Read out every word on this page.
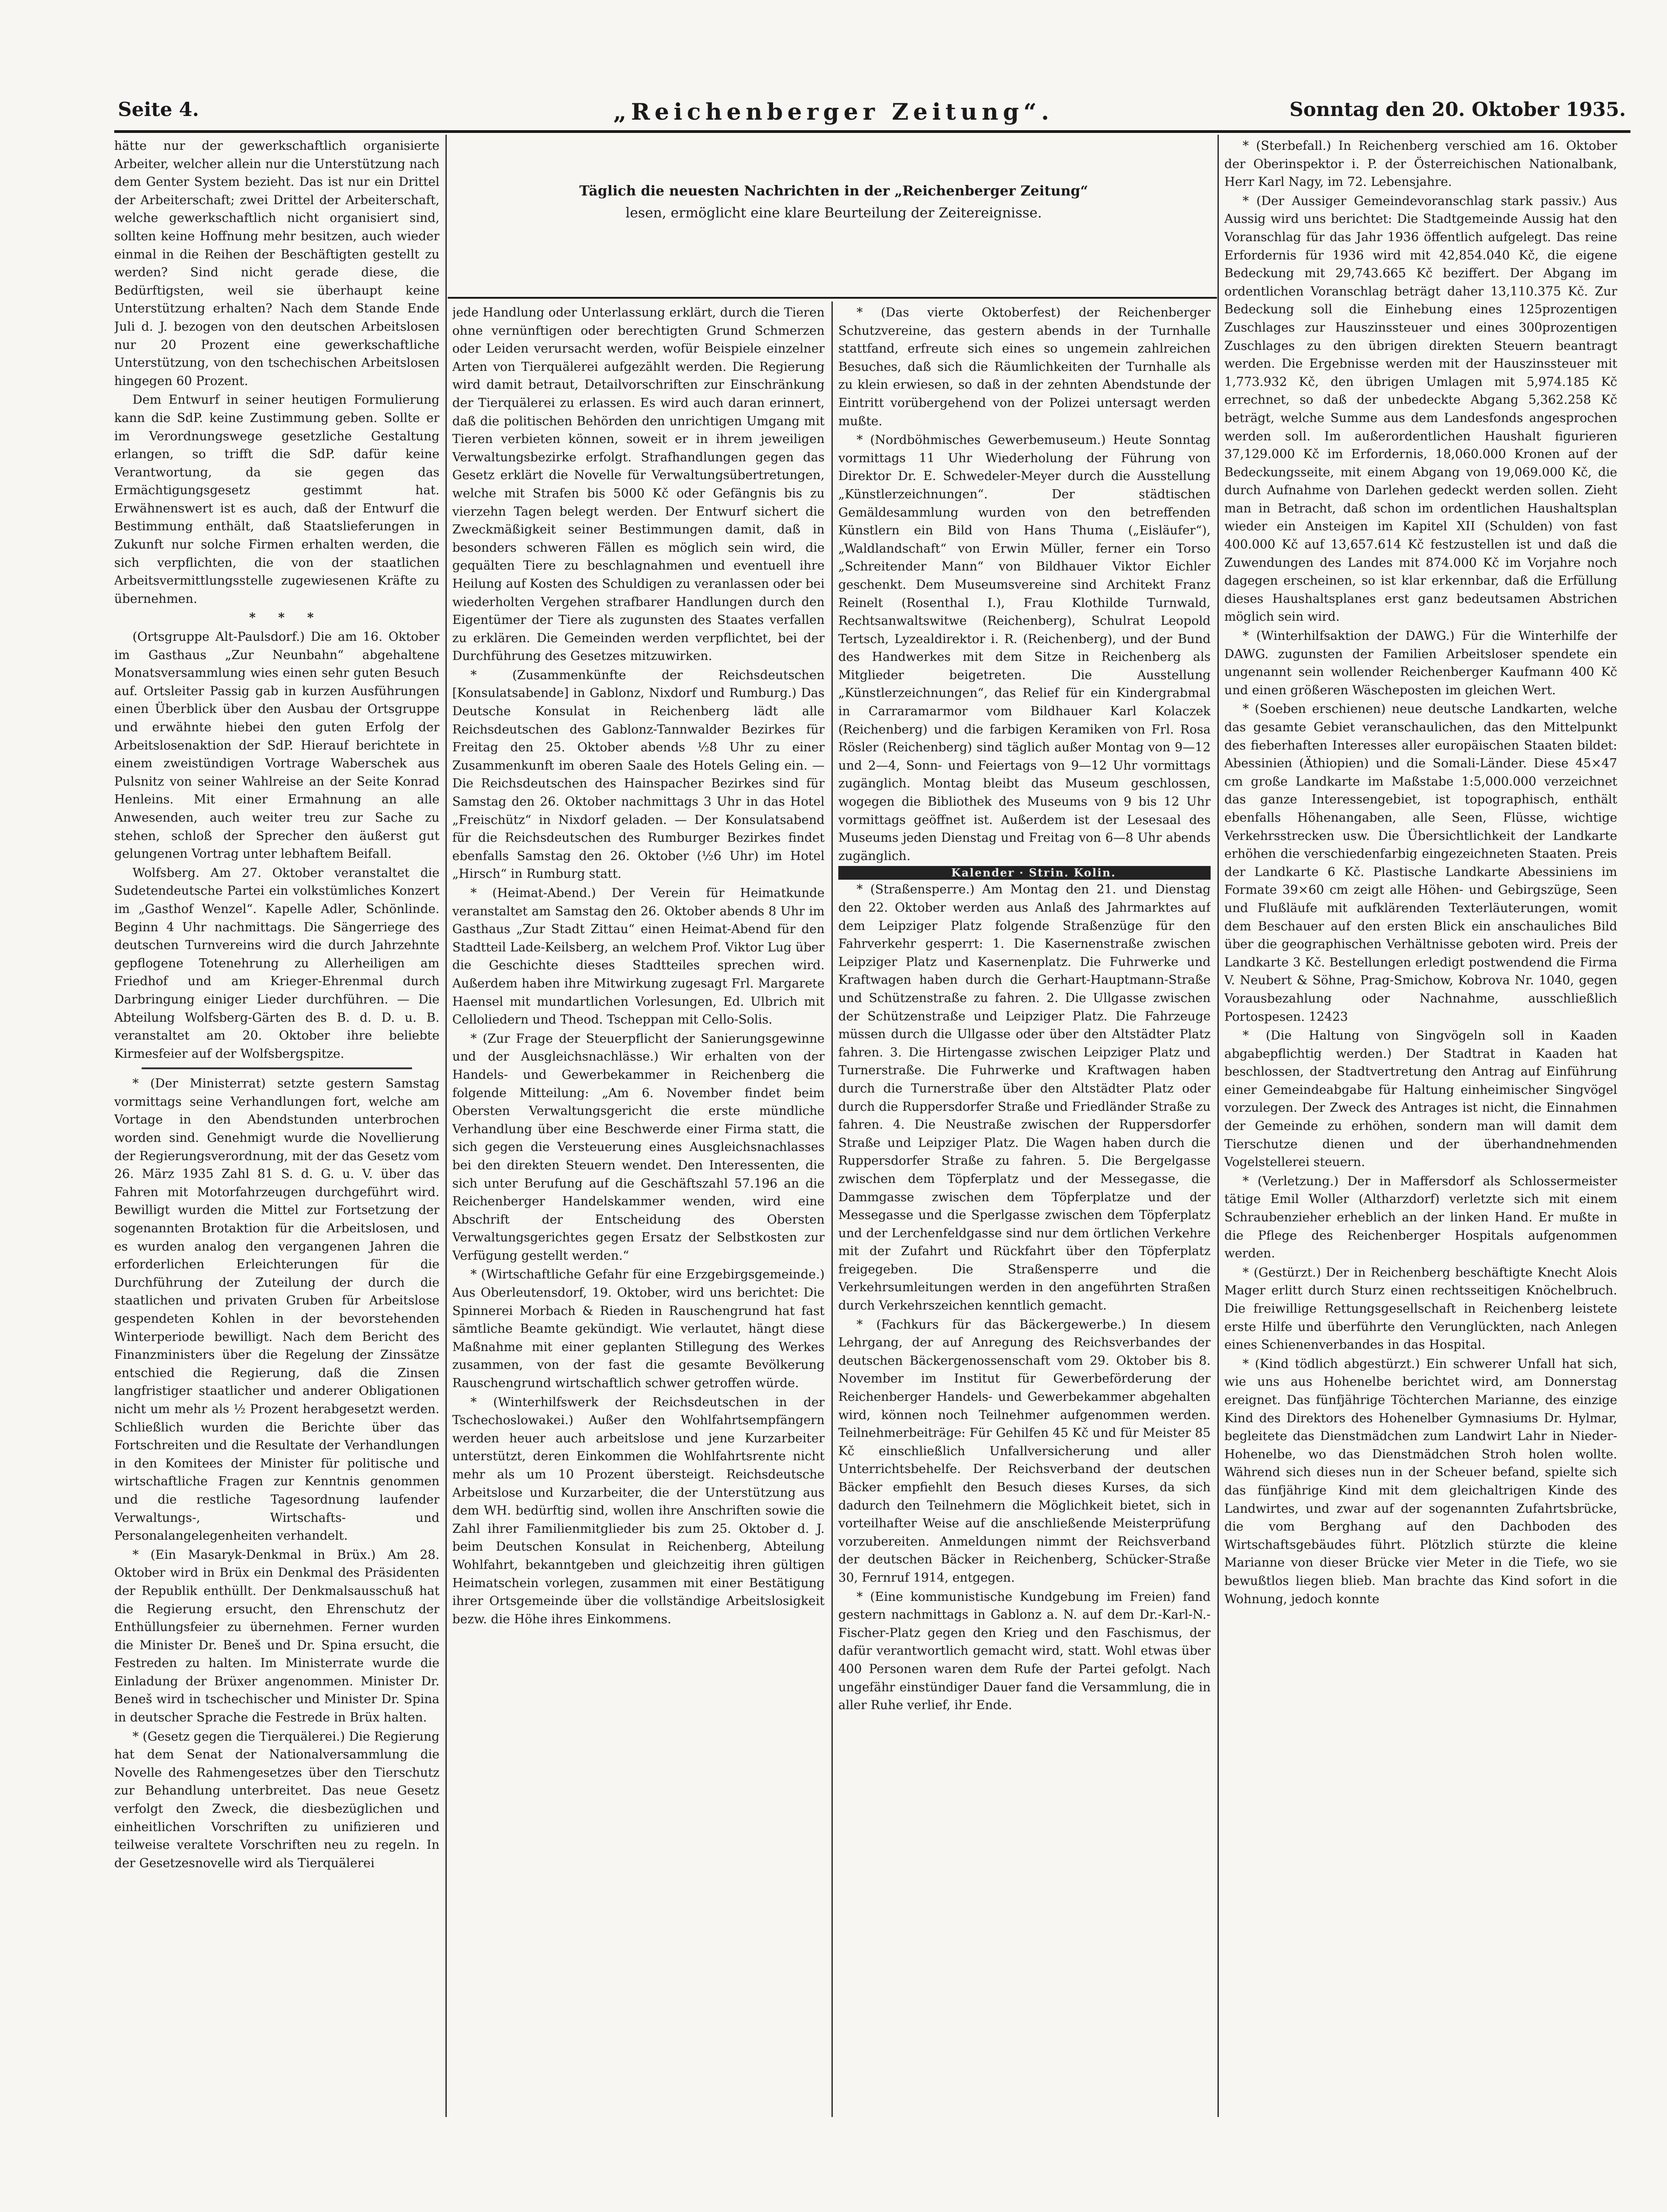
Seite 4.	„Reichenberger Zeitung“.	Sonntag den 20. Oktober 1935.
Täglich die neuesten Nachrichten in der „Reichenberger Zeitung“
lesen, ermöglicht eine klare Beurteilung der Zeitereignisse.

hätte nur der gewerkschaftlich organisierte Arbeiter, welcher allein nur die Unterstützung nach dem Genter System bezieht. Das ist nur ein Drittel der Arbeiterschaft; zwei Drittel der Arbeiterschaft, welche gewerkschaftlich nicht organisiert sind, sollten keine Hoffnung mehr besitzen, auch wieder einmal in die Reihen der Beschäftigten gestellt zu werden? Sind nicht gerade diese, die Bedürftigsten, weil sie überhaupt keine Unterstützung erhalten? Nach dem Stande Ende Juli d. J. bezogen von den deutschen Arbeitslosen nur 20 Prozent eine gewerkschaftliche Unterstützung, von den tschechischen Arbeitslosen hingegen 60 Prozent.

Dem Entwurf in seiner heutigen Formulierung kann die SdP. keine Zustimmung geben. Sollte er im Verordnungswege gesetzliche Gestaltung erlangen, so trifft die SdP. dafür keine Verantwortung, da sie gegen das Ermächtigungsgesetz gestimmt hat. Erwähnenswert ist es auch, daß der Entwurf die Bestimmung enthält, daß Staatslieferungen in Zukunft nur solche Firmen erhalten werden, die sich verpflichten, die von der staatlichen Arbeitsvermittlungsstelle zugewiesenen Kräfte zu übernehmen.

* * *

(Ortsgruppe Alt-Paulsdorf.) Die am 16. Oktober im Gasthaus „Zur Neunbahn“ abgehaltene Monatsversammlung wies einen sehr guten Besuch auf. Ortsleiter Passig gab in kurzen Ausführungen einen Überblick über den Ausbau der Ortsgruppe und erwähnte hiebei den guten Erfolg der Arbeitslosenaktion der SdP. Hierauf berichtete in einem zweistündigen Vortrage Waberschek aus Pulsnitz von seiner Wahlreise an der Seite Konrad Henleins. Mit einer Ermahnung an alle Anwesenden, auch weiter treu zur Sache zu stehen, schloß der Sprecher den äußerst gut gelungenen Vortrag unter lebhaftem Beifall.

Wolfsberg. Am 27. Oktober veranstaltet die Sudetendeutsche Partei ein volkstümliches Konzert im „Gasthof Wenzel“. Kapelle Adler, Schönlinde. Beginn 4 Uhr nachmittags. Die Sängerriege des deutschen Turnvereins wird die durch Jahrzehnte gepflogene Totenehrung zu Allerheiligen am Friedhof und am Krieger-Ehrenmal durch Darbringung einiger Lieder durchführen. — Die Abteilung Wolfsberg-Gärten des B. d. D. u. B. veranstaltet am 20. Oktober ihre beliebte Kirmesfeier auf der Wolfsbergspitze.

* (Der Ministerrat) setzte gestern Samstag vormittags seine Verhandlungen fort, welche am Vortage in den Abendstunden unterbrochen worden sind. Genehmigt wurde die Novellierung der Regierungsverordnung, mit der das Gesetz vom 26. März 1935 Zahl 81 S. d. G. u. V. über das Fahren mit Motorfahrzeugen durchgeführt wird. Bewilligt wurden die Mittel zur Fortsetzung der sogenannten Brotaktion für die Arbeitslosen, und es wurden analog den vergangenen Jahren die erforderlichen Erleichterungen für die Durchführung der Zuteilung der durch die staatlichen und privaten Gruben für Arbeitslose gespendeten Kohlen in der bevorstehenden Winterperiode bewilligt. Nach dem Bericht des Finanzministers über die Regelung der Zinssätze entschied die Regierung, daß die Zinsen langfristiger staatlicher und anderer Obligationen nicht um mehr als ½ Prozent herabgesetzt werden. Schließlich wurden die Berichte über das Fortschreiten und die Resultate der Verhandlungen in den Komitees der Minister für politische und wirtschaftliche Fragen zur Kenntnis genommen und die restliche Tagesordnung laufender Verwaltungs-, Wirtschafts- und Personalangelegenheiten verhandelt.

* (Ein Masaryk-Denkmal in Brüx.) Am 28. Oktober wird in Brüx ein Denkmal des Präsidenten der Republik enthüllt. Der Denkmalsausschuß hat die Regierung ersucht, den Ehrenschutz der Enthüllungsfeier zu übernehmen. Ferner wurden die Minister Dr. Beneš und Dr. Spina ersucht, die Festreden zu halten. Im Ministerrate wurde die Einladung der Brüxer angenommen. Minister Dr. Beneš wird in tschechischer und Minister Dr. Spina in deutscher Sprache die Festrede in Brüx halten.

* (Gesetz gegen die Tierquälerei.) Die Regierung hat dem Senat der Nationalversammlung die Novelle des Rahmengesetzes über den Tierschutz zur Behandlung unterbreitet. Das neue Gesetz verfolgt den Zweck, die diesbezüglichen und einheitlichen Vorschriften zu unifizieren und teilweise veraltete Vorschriften neu zu regeln. In der Gesetzesnovelle wird als Tierquälerei

jede Handlung oder Unterlassung erklärt, durch die Tieren ohne vernünftigen oder berechtigten Grund Schmerzen oder Leiden verursacht werden, wofür Beispiele einzelner Arten von Tierquälerei aufgezählt werden. Die Regierung wird damit betraut, Detailvorschriften zur Einschränkung der Tierquälerei zu erlassen. Es wird auch daran erinnert, daß die politischen Behörden den unrichtigen Umgang mit Tieren verbieten können, soweit er in ihrem jeweiligen Verwaltungsbezirke erfolgt. Strafhandlungen gegen das Gesetz erklärt die Novelle für Verwaltungsübertretungen, welche mit Strafen bis 5000 Kč oder Gefängnis bis zu vierzehn Tagen belegt werden. Der Entwurf sichert die Zweckmäßigkeit seiner Bestimmungen damit, daß in besonders schweren Fällen es möglich sein wird, die gequälten Tiere zu beschlagnahmen und eventuell ihre Heilung auf Kosten des Schuldigen zu veranlassen oder bei wiederholten Vergehen strafbarer Handlungen durch den Eigentümer der Tiere als zugunsten des Staates verfallen zu erklären. Die Gemeinden werden verpflichtet, bei der Durchführung des Gesetzes mitzuwirken.

* (Zusammenkünfte der Reichsdeutschen [Konsulatsabende] in Gablonz, Nixdorf und Rumburg.) Das Deutsche Konsulat in Reichenberg lädt alle Reichsdeutschen des Gablonz-Tannwalder Bezirkes für Freitag den 25. Oktober abends ½8 Uhr zu einer Zusammenkunft im oberen Saale des Hotels Geling ein. — Die Reichsdeutschen des Hainspacher Bezirkes sind für Samstag den 26. Oktober nachmittags 3 Uhr in das Hotel „Freischütz“ in Nixdorf geladen. — Der Konsulatsabend für die Reichsdeutschen des Rumburger Bezirkes findet ebenfalls Samstag den 26. Oktober (½6 Uhr) im Hotel „Hirsch“ in Rumburg statt.

* (Heimat-Abend.) Der Verein für Heimatkunde veranstaltet am Samstag den 26. Oktober abends 8 Uhr im Gasthaus „Zur Stadt Zittau“ einen Heimat-Abend für den Stadtteil Lade-Keilsberg, an welchem Prof. Viktor Lug über die Geschichte dieses Stadtteiles sprechen wird. Außerdem haben ihre Mitwirkung zugesagt Frl. Margarete Haensel mit mundartlichen Vorlesungen, Ed. Ulbrich mit Celloliedern und Theod. Tscheppan mit Cello-Solis.

* (Zur Frage der Steuerpflicht der Sanierungsgewinne und der Ausgleichsnachlässe.) Wir erhalten von der Handels- und Gewerbekammer in Reichenberg die folgende Mitteilung: „Am 6. November findet beim Obersten Verwaltungsgericht die erste mündliche Verhandlung über eine Beschwerde einer Firma statt, die sich gegen die Versteuerung eines Ausgleichsnachlasses bei den direkten Steuern wendet. Den Interessenten, die sich unter Berufung auf die Geschäftszahl 57.196 an die Reichenberger Handelskammer wenden, wird eine Abschrift der Entscheidung des Obersten Verwaltungsgerichtes gegen Ersatz der Selbstkosten zur Verfügung gestellt werden.“

* (Wirtschaftliche Gefahr für eine Erzgebirgsgemeinde.) Aus Oberleutensdorf, 19. Oktober, wird uns berichtet: Die Spinnerei Morbach & Rieden in Rauschengrund hat fast sämtliche Beamte gekündigt. Wie verlautet, hängt diese Maßnahme mit einer geplanten Stillegung des Werkes zusammen, von der fast die gesamte Bevölkerung Rauschengrund wirtschaftlich schwer getroffen würde.

* (Winterhilfswerk der Reichsdeutschen in der Tschechoslowakei.) Außer den Wohlfahrtsempfängern werden heuer auch arbeitslose und jene Kurzarbeiter unterstützt, deren Einkommen die Wohlfahrtsrente nicht mehr als um 10 Prozent übersteigt. Reichsdeutsche Arbeitslose und Kurzarbeiter, die der Unterstützung aus dem WH. bedürftig sind, wollen ihre Anschriften sowie die Zahl ihrer Familienmitglieder bis zum 25. Oktober d. J. beim Deutschen Konsulat in Reichenberg, Abteilung Wohlfahrt, bekanntgeben und gleichzeitig ihren gültigen Heimatschein vorlegen, zusammen mit einer Bestätigung ihrer Ortsgemeinde über die vollständige Arbeitslosigkeit bezw. die Höhe ihres Einkommens.

* (Das vierte Oktoberfest) der Reichenberger Schutzvereine, das gestern abends in der Turnhalle stattfand, erfreute sich eines so ungemein zahlreichen Besuches, daß sich die Räumlichkeiten der Turnhalle als zu klein erwiesen, so daß in der zehnten Abendstunde der Eintritt vorübergehend von der Polizei untersagt werden mußte.

* (Nordböhmisches Gewerbemuseum.) Heute Sonntag vormittags 11 Uhr Wiederholung der Führung von Direktor Dr. E. Schwedeler-Meyer durch die Ausstellung „Künstlerzeichnungen“. Der städtischen Gemäldesammlung wurden von den betreffenden Künstlern ein Bild von Hans Thuma („Eisläufer“), „Waldlandschaft“ von Erwin Müller, ferner ein Torso „Schreitender Mann“ von Bildhauer Viktor Eichler geschenkt. Dem Museumsvereine sind Architekt Franz Reinelt (Rosenthal I.), Frau Klothilde Turnwald, Rechtsanwaltswitwe (Reichenberg), Schulrat Leopold Tertsch, Lyzealdirektor i. R. (Reichenberg), und der Bund des Handwerkes mit dem Sitze in Reichenberg als Mitglieder beigetreten. Die Ausstellung „Künstlerzeichnungen“, das Relief für ein Kindergrabmal in Carraramarmor vom Bildhauer Karl Kolaczek (Reichenberg) und die farbigen Keramiken von Frl. Rosa Rösler (Reichenberg) sind täglich außer Montag von 9—12 und 2—4, Sonn- und Feiertags von 9—12 Uhr vormittags zugänglich. Montag bleibt das Museum geschlossen, wogegen die Bibliothek des Museums von 9 bis 12 Uhr vormittags geöffnet ist. Außerdem ist der Lesesaal des Museums jeden Dienstag und Freitag von 6—8 Uhr abends zugänglich.

Kalender · Strin. Kolin.

* (Straßensperre.) Am Montag den 21. und Dienstag den 22. Oktober werden aus Anlaß des Jahrmarktes auf dem Leipziger Platz folgende Straßenzüge für den Fahrverkehr gesperrt: 1. Die Kasernenstraße zwischen Leipziger Platz und Kasernenplatz. Die Fuhrwerke und Kraftwagen haben durch die Gerhart-Hauptmann-Straße und Schützenstraße zu fahren. 2. Die Ullgasse zwischen der Schützenstraße und Leipziger Platz. Die Fahrzeuge müssen durch die Ullgasse oder über den Altstädter Platz fahren. 3. Die Hirtengasse zwischen Leipziger Platz und Turnerstraße. Die Fuhrwerke und Kraftwagen haben durch die Turnerstraße über den Altstädter Platz oder durch die Ruppersdorfer Straße und Friedländer Straße zu fahren. 4. Die Neustraße zwischen der Ruppersdorfer Straße und Leipziger Platz. Die Wagen haben durch die Ruppersdorfer Straße zu fahren. 5. Die Bergelgasse zwischen dem Töpferplatz und der Messegasse, die Dammgasse zwischen dem Töpferplatze und der Messegasse und die Sperlgasse zwischen dem Töpferplatz und der Lerchenfeldgasse sind nur dem örtlichen Verkehre mit der Zufahrt und Rückfahrt über den Töpferplatz freigegeben. Die Straßensperre und die Verkehrsumleitungen werden in den angeführten Straßen durch Verkehrszeichen kenntlich gemacht.

* (Fachkurs für das Bäckergewerbe.) In diesem Lehrgang, der auf Anregung des Reichsverbandes der deutschen Bäckergenossenschaft vom 29. Oktober bis 8. November im Institut für Gewerbeförderung der Reichenberger Handels- und Gewerbekammer abgehalten wird, können noch Teilnehmer aufgenommen werden. Teilnehmerbeiträge: Für Gehilfen 45 Kč und für Meister 85 Kč einschließlich Unfallversicherung und aller Unterrichtsbehelfe. Der Reichsverband der deutschen Bäcker empfiehlt den Besuch dieses Kurses, da sich dadurch den Teilnehmern die Möglichkeit bietet, sich in vorteilhafter Weise auf die anschließende Meisterprüfung vorzubereiten. Anmeldungen nimmt der Reichsverband der deutschen Bäcker in Reichenberg, Schücker-Straße 30, Fernruf 1914, entgegen.

* (Eine kommunistische Kundgebung im Freien) fand gestern nachmittags in Gablonz a. N. auf dem Dr.-Karl-N.-Fischer-Platz gegen den Krieg und den Faschismus, der dafür verantwortlich gemacht wird, statt. Wohl etwas über 400 Personen waren dem Rufe der Partei gefolgt. Nach ungefähr einstündiger Dauer fand die Versammlung, die in aller Ruhe verlief, ihr Ende.

* (Sterbefall.) In Reichenberg verschied am 16. Oktober der Oberinspektor i. P. der Österreichischen Nationalbank, Herr Karl Nagy, im 72. Lebensjahre.

* (Der Aussiger Gemeindevoranschlag stark passiv.) Aus Aussig wird uns berichtet: Die Stadtgemeinde Aussig hat den Voranschlag für das Jahr 1936 öffentlich aufgelegt. Das reine Erfordernis für 1936 wird mit 42,854.040 Kč, die eigene Bedeckung mit 29,743.665 Kč beziffert. Der Abgang im ordentlichen Voranschlag beträgt daher 13,110.375 Kč. Zur Bedeckung soll die Einhebung eines 125prozentigen Zuschlages zur Hauszinssteuer und eines 300prozentigen Zuschlages zu den übrigen direkten Steuern beantragt werden. Die Ergebnisse werden mit der Hauszinssteuer mit 1,773.932 Kč, den übrigen Umlagen mit 5,974.185 Kč errechnet, so daß der unbedeckte Abgang 5,362.258 Kč beträgt, welche Summe aus dem Landesfonds angesprochen werden soll. Im außerordentlichen Haushalt figurieren 37,129.000 Kč im Erfordernis, 18,060.000 Kronen auf der Bedeckungsseite, mit einem Abgang von 19,069.000 Kč, die durch Aufnahme von Darlehen gedeckt werden sollen. Zieht man in Betracht, daß schon im ordentlichen Haushaltsplan wieder ein Ansteigen im Kapitel XII (Schulden) von fast 400.000 Kč auf 13,657.614 Kč festzustellen ist und daß die Zuwendungen des Landes mit 874.000 Kč im Vorjahre noch dagegen erscheinen, so ist klar erkennbar, daß die Erfüllung dieses Haushaltsplanes erst ganz bedeutsamen Abstrichen möglich sein wird.

* (Winterhilfsaktion der DAWG.) Für die Winterhilfe der DAWG. zugunsten der Familien Arbeitsloser spendete ein ungenannt sein wollender Reichenberger Kaufmann 400 Kč und einen größeren Wäscheposten im gleichen Wert.

* (Soeben erschienen) neue deutsche Landkarten, welche das gesamte Gebiet veranschaulichen, das den Mittelpunkt des fieberhaften Interesses aller europäischen Staaten bildet: Abessinien (Äthiopien) und die Somali-Länder. Diese 45×47 cm große Landkarte im Maßstabe 1:5,000.000 verzeichnet das ganze Interessengebiet, ist topographisch, enthält ebenfalls Höhenangaben, alle Seen, Flüsse, wichtige Verkehrsstrecken usw. Die Übersichtlichkeit der Landkarte erhöhen die verschiedenfarbig eingezeichneten Staaten. Preis der Landkarte 6 Kč. Plastische Landkarte Abessiniens im Formate 39×60 cm zeigt alle Höhen- und Gebirgszüge, Seen und Flußläufe mit aufklärenden Texterläuterungen, womit dem Beschauer auf den ersten Blick ein anschauliches Bild über die geographischen Verhältnisse geboten wird. Preis der Landkarte 3 Kč. Bestellungen erledigt postwendend die Firma V. Neubert & Söhne, Prag-Smichow, Kobrova Nr. 1040, gegen Vorausbezahlung oder Nachnahme, ausschließlich Portospesen. 12423

* (Die Haltung von Singvögeln soll in Kaaden abgabepflichtig werden.) Der Stadtrat in Kaaden hat beschlossen, der Stadtvertretung den Antrag auf Einführung einer Gemeindeabgabe für Haltung einheimischer Singvögel vorzulegen. Der Zweck des Antrages ist nicht, die Einnahmen der Gemeinde zu erhöhen, sondern man will damit dem Tierschutze dienen und der überhandnehmenden Vogelstellerei steuern.

* (Verletzung.) Der in Maffersdorf als Schlossermeister tätige Emil Woller (Altharzdorf) verletzte sich mit einem Schraubenzieher erheblich an der linken Hand. Er mußte in die Pflege des Reichenberger Hospitals aufgenommen werden.

* (Gestürzt.) Der in Reichenberg beschäftigte Knecht Alois Mager erlitt durch Sturz einen rechtsseitigen Knöchelbruch. Die freiwillige Rettungsgesellschaft in Reichenberg leistete erste Hilfe und überführte den Verunglückten, nach Anlegen eines Schienenverbandes in das Hospital.

* (Kind tödlich abgestürzt.) Ein schwerer Unfall hat sich, wie uns aus Hohenelbe berichtet wird, am Donnerstag ereignet. Das fünfjährige Töchterchen Marianne, des einzige Kind des Direktors des Hohenelber Gymnasiums Dr. Hylmar, begleitete das Dienstmädchen zum Landwirt Lahr in Nieder-Hohenelbe, wo das Dienstmädchen Stroh holen wollte. Während sich dieses nun in der Scheuer befand, spielte sich das fünfjährige Kind mit dem gleichaltrigen Kinde des Landwirtes, und zwar auf der sogenannten Zufahrtsbrücke, die vom Berghang auf den Dachboden des Wirtschaftsgebäudes führt. Plötzlich stürzte die kleine Marianne von dieser Brücke vier Meter in die Tiefe, wo sie bewußtlos liegen blieb. Man brachte das Kind sofort in die Wohnung, jedoch konnte
